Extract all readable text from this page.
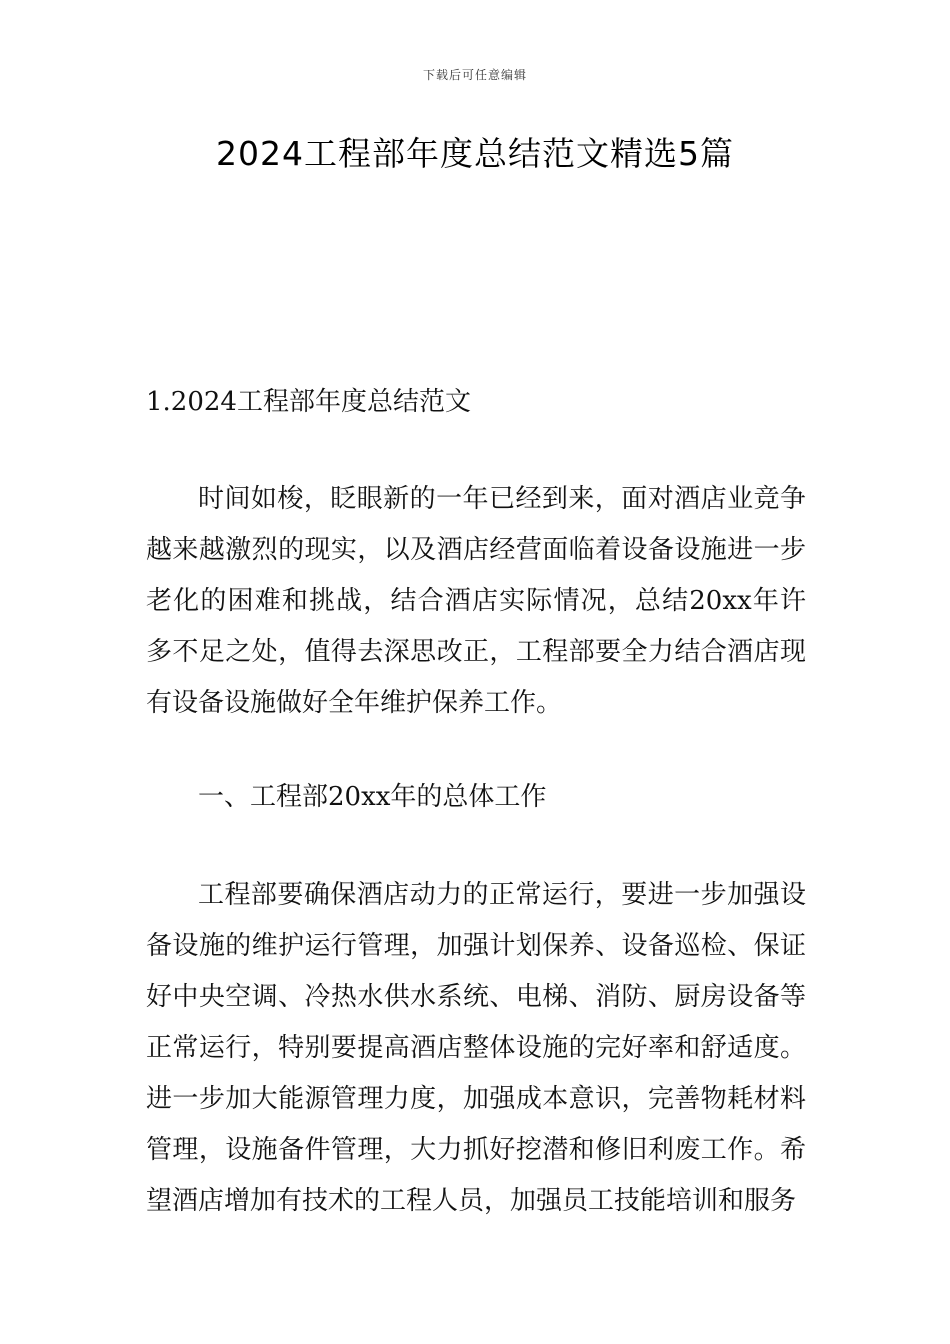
下载后可任意编辑
2024工程部年度总结范文精选5篇

1.2024工程部年度总结范文

时间如梭，眨眼新的一年已经到来，面对酒店业竞争越来越激烈的现实，以及酒店经营面临着设备设施进一步老化的困难和挑战，结合酒店实际情况，总结20xx年许多不足之处，值得去深思改正，工程部要全力结合酒店现有设备设施做好全年维护保养工作。

一、工程部20xx年的总体工作

工程部要确保酒店动力的正常运行，要进一步加强设备设施的维护运行管理，加强计划保养、设备巡检、保证好中央空调、冷热水供水系统、电梯、消防、厨房设备等正常运行，特别要提高酒店整体设施的完好率和舒适度。进一步加大能源管理力度，加强成本意识，完善物耗材料管理，设施备件管理，大力抓好挖潜和修旧利废工作。希望酒店增加有技术的工程人员，加强员工技能培训和服务
